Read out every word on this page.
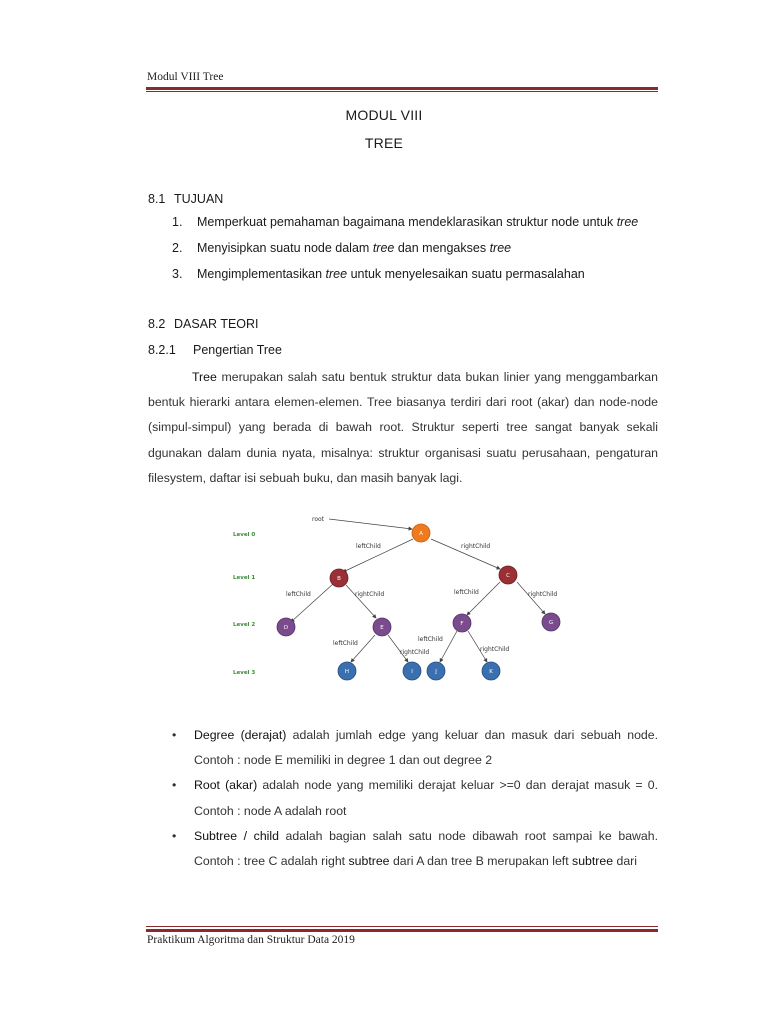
Modul VIII Tree
MODUL VIII
TREE
8.1 TUJUAN
1. Memperkuat pemahaman bagaimana mendeklarasikan struktur node untuk tree
2. Menyisipkan suatu node dalam tree dan mengakses tree
3. Mengimplementasikan tree untuk menyelesaikan suatu permasalahan
8.2 DASAR TEORI
8.2.1 Pengertian Tree

Tree merupakan salah satu bentuk struktur data bukan linier yang menggambarkan bentuk hierarki antara elemen-elemen. Tree biasanya terdiri dari root (akar) dan node-node (simpul-simpul) yang berada di bawah root. Struktur seperti tree sangat banyak sekali dgunakan dalam dunia nyata, misalnya: struktur organisasi suatu perusahaan, pengaturan filesystem, daftar isi sebuah buku, dan masih banyak lagi.

Level 0
Level 1
Level 2
Level 3
root
leftChild	rightChild
leftChild	rightChild	leftChild	rightChild
leftChild
rightChild
leftChild
rightChild
A
B	C
D	E
F	G
H	I	J	K
• Degree (derajat) adalah jumlah edge yang keluar dan masuk dari sebuah node. Contoh : node E memiliki in degree 1 dan out degree 2
• Root (akar) adalah node yang memiliki derajat keluar >=0 dan derajat masuk = 0. Contoh : node A adalah root
• Subtree / child adalah bagian salah satu node dibawah root sampai ke bawah. Contoh : tree C adalah right subtree dari A dan tree B merupakan left subtree dari
Praktikum Algoritma dan Struktur Data 2019
